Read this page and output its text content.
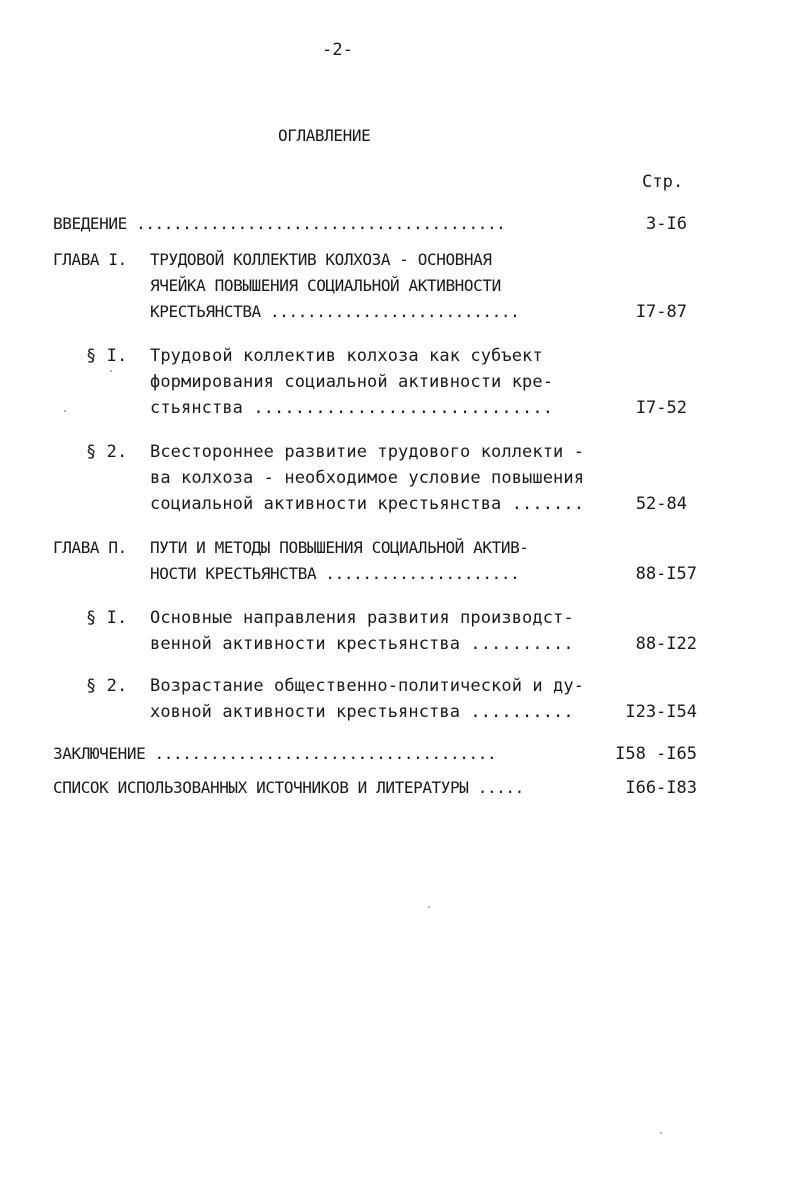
-2-
ОГЛАВЛЕНИЕ
Стр.
ВВЕДЕНИЕ ........................................	3-I6
ГЛАВА I. ТРУДОВОЙ КОЛЛЕКТИВ КОЛХОЗА - ОСНОВНАЯ
ЯЧЕЙКА ПОВЫШЕНИЯ СОЦИАЛЬНОЙ АКТИВНОСТИ
КРЕСТЬЯНСТВА ...........................	I7-87
§ I. Трудовой коллектив колхоза как субъект
формирования социальной активности кре-
стьянства .............................	I7-52
§ 2. Всестороннее развитие трудового коллекти -
ва колхоза - необходимое условие повышения
социальной активности крестьянства .......	52-84
ГЛАВА П. ПУТИ И МЕТОДЫ ПОВЫШЕНИЯ СОЦИАЛЬНОЙ АКТИВ-
НОСТИ КРЕСТЬЯНСТВА .....................	88-I57
§ I. Основные направления развития производст-
венной активности крестьянства ..........	88-I22
§ 2. Возрастание общественно-политической и ду-
ховной активности крестьянства ..........	I23-I54
ЗАКЛЮЧЕНИЕ .....................................	I58 -I65
СПИСОК ИСПОЛЬЗОВАННЫХ ИСТОЧНИКОВ И ЛИТЕРАТУРЫ .....	I66-I83
